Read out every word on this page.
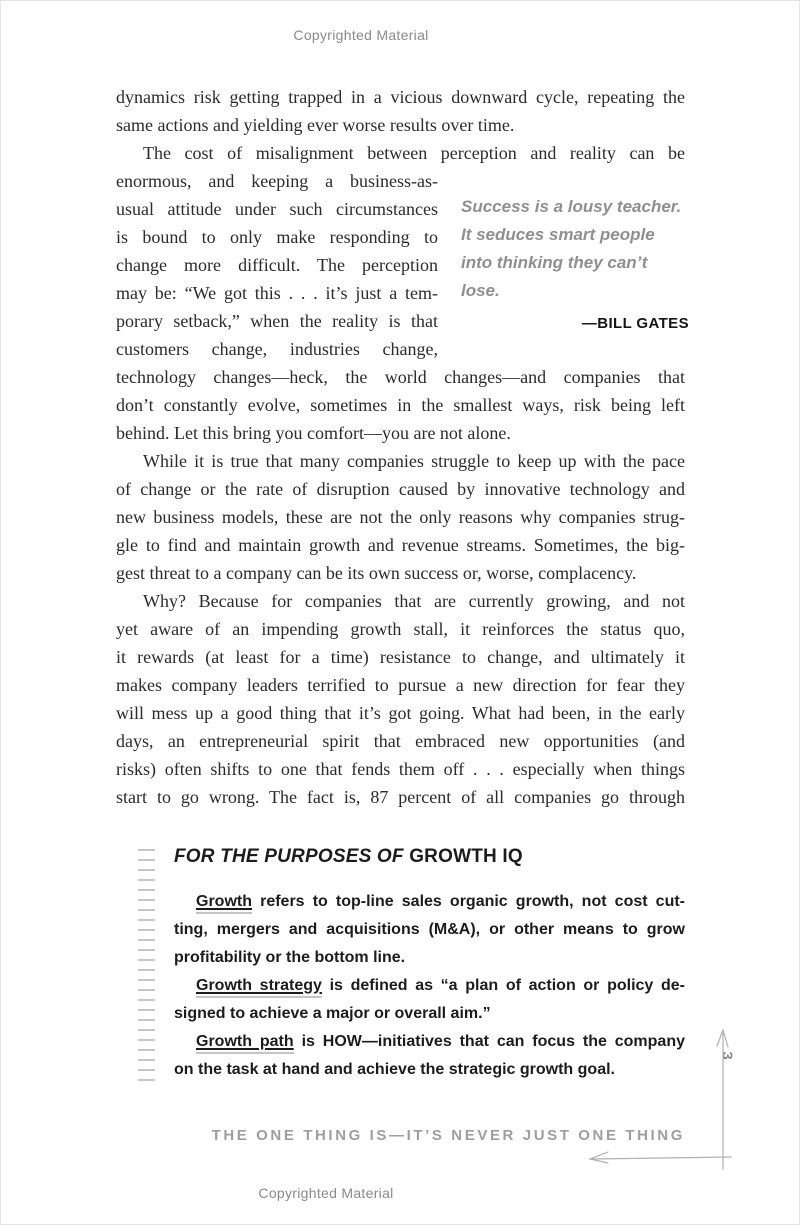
Copyrighted Material
dynamics risk getting trapped in a vicious downward cycle, repeating the
same actions and yielding ever worse results over time.
The cost of misalignment between perception and reality can be
enormous, and keeping a business-as-
usual attitude under such circumstances
is bound to only make responding to
change more difficult. The perception
may be: “We got this . . . it’s just a tem-
porary setback,” when the reality is that
customers change, industries change,
technology changes—heck, the world changes—and companies that
don’t constantly evolve, sometimes in the smallest ways, risk being left
behind. Let this bring you comfort—you are not alone.
While it is true that many companies struggle to keep up with the pace
of change or the rate of disruption caused by innovative technology and
new business models, these are not the only reasons why companies strug-
gle to find and maintain growth and revenue streams. Sometimes, the big-
gest threat to a company can be its own success or, worse, complacency.
Why? Because for companies that are currently growing, and not
yet aware of an impending growth stall, it reinforces the status quo,
it rewards (at least for a time) resistance to change, and ultimately it
makes company leaders terrified to pursue a new direction for fear they
will mess up a good thing that it’s got going. What had been, in the early
days, an entrepreneurial spirit that embraced new opportunities (and
risks) often shifts to one that fends them off . . . especially when things
start to go wrong. The fact is, 87 percent of all companies go through
Success is a lousy teacher.
It seduces smart people
into thinking they can’t
lose.
—BILL GATES
FOR THE PURPOSES OF GROWTH IQ
Growth refers to top-line sales organic growth, not cost cut-
ting, mergers and acquisitions (M&A), or other means to grow
profitability or the bottom line.
Growth strategy is defined as “a plan of action or policy de-
signed to achieve a major or overall aim.”
Growth path is HOW—initiatives that can focus the company
on the task at hand and achieve the strategic growth goal.
THE ONE THING IS—IT’S NEVER JUST ONE THING
3
Copyrighted Material
